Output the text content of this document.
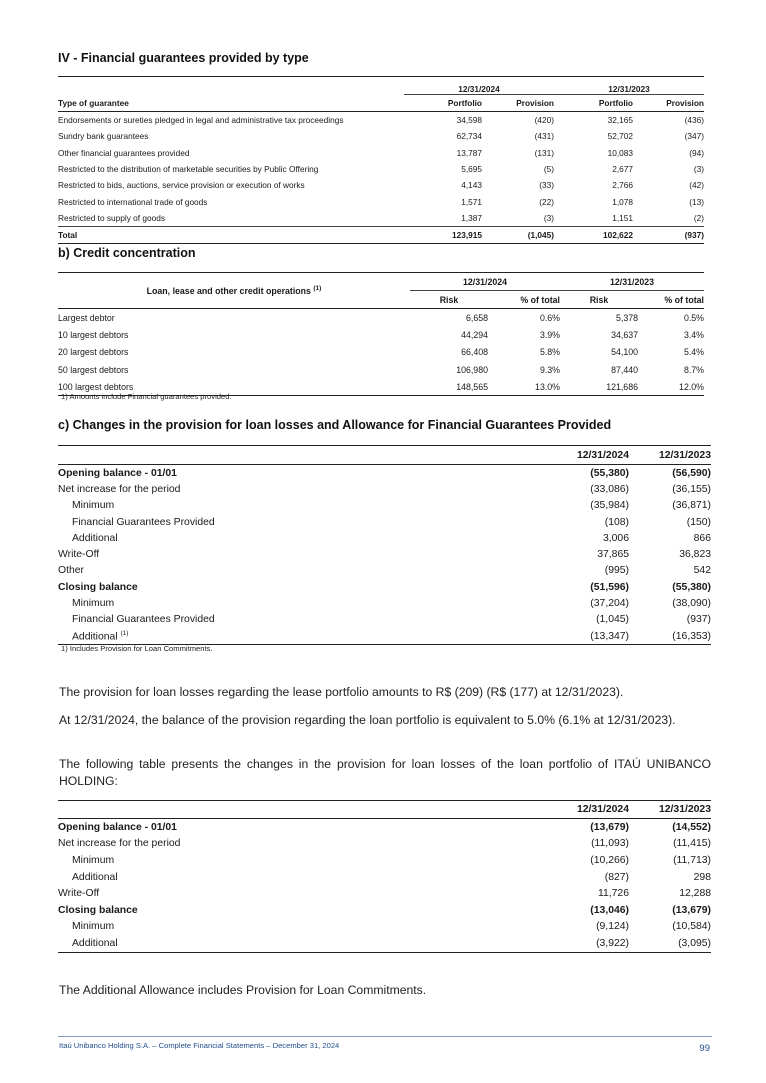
IV - Financial guarantees provided by type
	12/31/2024		12/31/2023	
Type of guarantee	Portfolio	Provision	Portfolio	Provision
Endorsements or sureties pledged in legal and administrative tax proceedings	34,598	(420)	32,165	(436)
Sundry bank guarantees	62,734	(431)	52,702	(347)
Other financial guarantees provided	13,787	(131)	10,083	(94)
Restricted to the distribution of marketable securities by Public Offering	5,695	(5)	2,677	(3)
Restricted to bids, auctions, service provision or execution of works	4,143	(33)	2,766	(42)
Restricted to international trade of goods	1,571	(22)	1,078	(13)
Restricted to supply of goods	1,387	(3)	1,151	(2)
Total	123,915	(1,045)	102,622	(937)
b) Credit concentration
Loan, lease and other credit operations $^{(1)}$	12/31/2024		12/31/2023	
	Risk	% of total	Risk	% of total
Largest debtor	6,658	0.6%	5,378	0.5%
10 largest debtors	44,294	3.9%	34,637	3.4%
20 largest debtors	66,408	5.8%	54,100	5.4%
50 largest debtors	106,980	9.3%	87,440	8.7%
100 largest debtors	148,565	13.0%	121,686	12.0%
1) Amounts include Financial guarantees provided.
c) Changes in the provision for loan losses and Allowance for Financial Guarantees Provided
	12/31/2024	12/31/2023
Opening balance - 01/01	(55,380)	(56,590)
Net increase for the period	(33,086)	(36,155)
Minimum	(35,984)	(36,871)
Financial Guarantees Provided	(108)	(150)
Additional	3,006	866
Write-Off	37,865	36,823
Other	(995)	542
Closing balance	(51,596)	(55,380)
Minimum	(37,204)	(38,090)
Financial Guarantees Provided	(1,045)	(937)
Additional $^{(1)}$	(13,347)	(16,353)
1) Includes Provision for Loan Commitments.

The provision for loan losses regarding the lease portfolio amounts to R$ (209) (R$ (177) at 12/31/2023).

At 12/31/2024, the balance of the provision regarding the loan portfolio is equivalent to 5.0% (6.1% at 12/31/2023).

The following table presents the changes in the provision for loan losses of the loan portfolio of ITAÚ UNIBANCO HOLDING:

	12/31/2024	12/31/2023
Opening balance - 01/01	(13,679)	(14,552)
Net increase for the period	(11,093)	(11,415)
Minimum	(10,266)	(11,713)
Additional	(827)	298
Write-Off	11,726	12,288
Closing balance	(13,046)	(13,679)
Minimum	(9,124)	(10,584)
Additional	(3,922)	(3,095)

The Additional Allowance includes Provision for Loan Commitments.

Itaú Unibanco Holding S.A. – Complete Financial Statements – December 31, 2024	99
